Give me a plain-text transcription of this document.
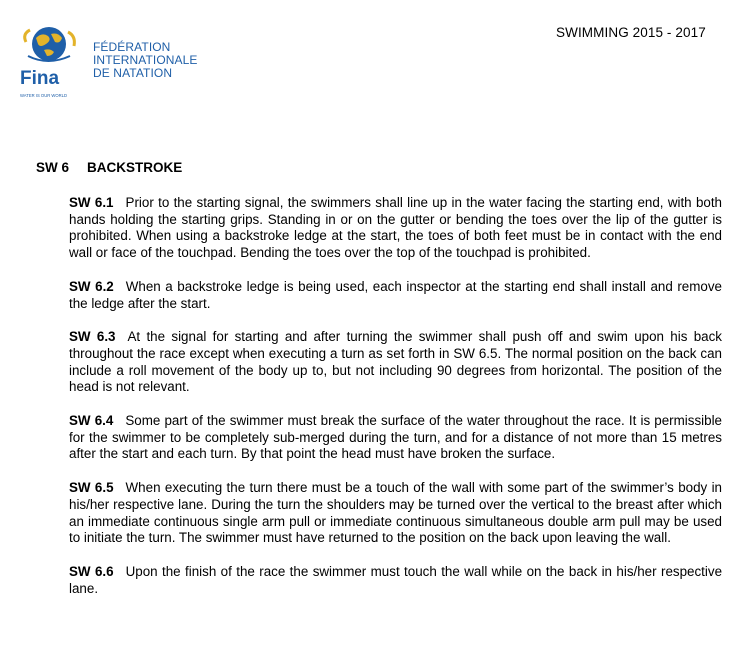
Fina
WATER IS OUR WORLD
FÉDÉRATION
INTERNATIONALE
DE NATATION
SWIMMING 2015 - 2017
SW 6 BACKSTROKE

SW 6.1 Prior to the starting signal, the swimmers shall line up in the water facing the starting end, with both hands holding the starting grips. Standing in or on the gutter or bending the toes over the lip of the gutter is prohibited. When using a backstroke ledge at the start, the toes of both feet must be in contact with the end wall or face of the touchpad. Bending the toes over the top of the touchpad is prohibited.

SW 6.2 When a backstroke ledge is being used, each inspector at the starting end shall install and remove the ledge after the start.

SW 6.3 At the signal for starting and after turning the swimmer shall push off and swim upon his back throughout the race except when executing a turn as set forth in SW 6.5. The normal position on the back can include a roll movement of the body up to, but not including 90 degrees from horizontal. The position of the head is not relevant.

SW 6.4 Some part of the swimmer must break the surface of the water throughout the race. It is permissible for the swimmer to be completely sub-merged during the turn, and for a distance of not more than 15 metres after the start and each turn. By that point the head must have broken the surface.

SW 6.5 When executing the turn there must be a touch of the wall with some part of the swimmer’s body in his/her respective lane. During the turn the shoulders may be turned over the vertical to the breast after which an immediate continuous single arm pull or immediate continuous simultaneous double arm pull may be used to initiate the turn. The swimmer must have returned to the position on the back upon leaving the wall.

SW 6.6 Upon the finish of the race the swimmer must touch the wall while on the back in his/her respective lane.
